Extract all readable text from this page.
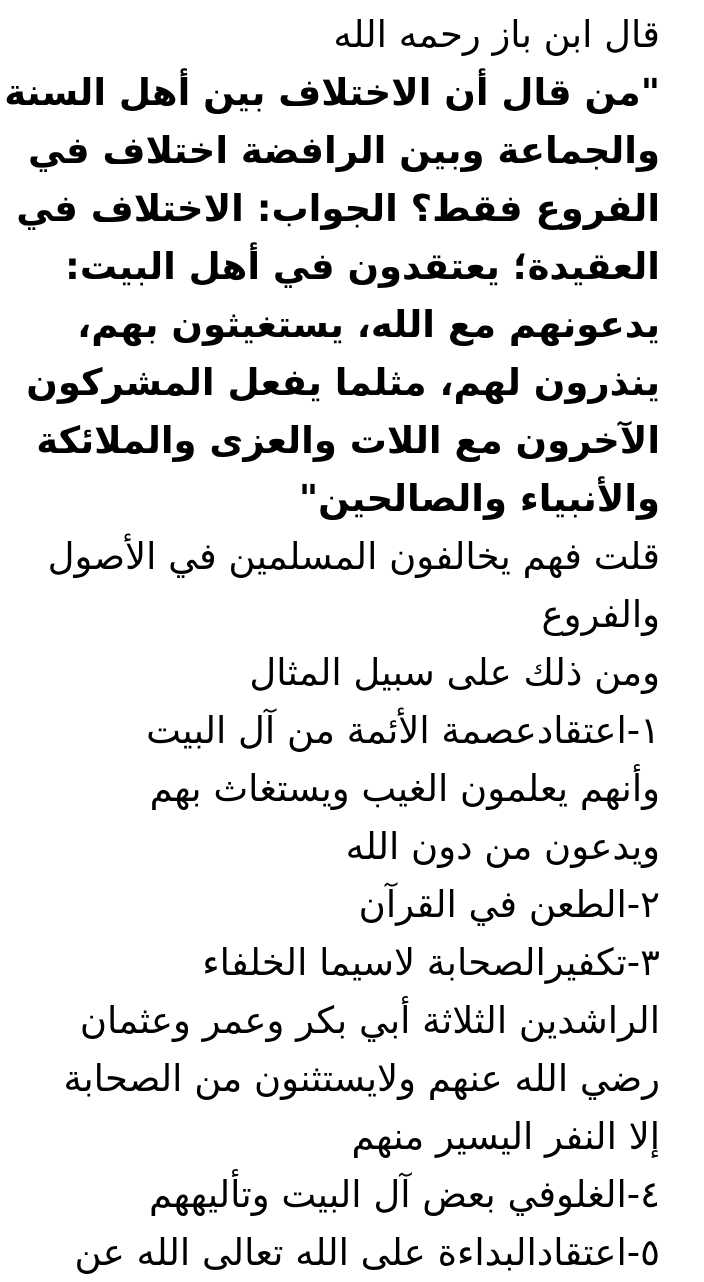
قال ابن باز رحمه الله
"من قال أن الاختلاف بين أهل السنة
والجماعة وبين الرافضة اختلاف في
الفروع فقط؟ الجواب: الاختلاف في
العقيدة؛ يعتقدون في أهل البيت:
يدعونهم مع الله، يستغيثون بهم،
ينذرون لهم، مثلما يفعل المشركون
الآخرون مع اللات والعزى والملائكة
والأنبياء والصالحين"
قلت فهم يخالفون المسلمين في الأصول
والفروع
ومن ذلك على سبيل المثال
١-اعتقادعصمة الأئمة من آل البيت
وأنهم يعلمون الغيب ويستغاث بهم
ويدعون من دون الله
٢-الطعن في القرآن
٣-تكفيرالصحابة لاسيما الخلفاء
الراشدين الثلاثة أبي بكر وعمر وعثمان
رضي الله عنهم ولايستثنون من الصحابة
إلا النفر اليسير منهم
٤-الغلوفي بعض آل البيت وتأليههم
٥-اعتقادالبداءة على الله تعالى الله عن
